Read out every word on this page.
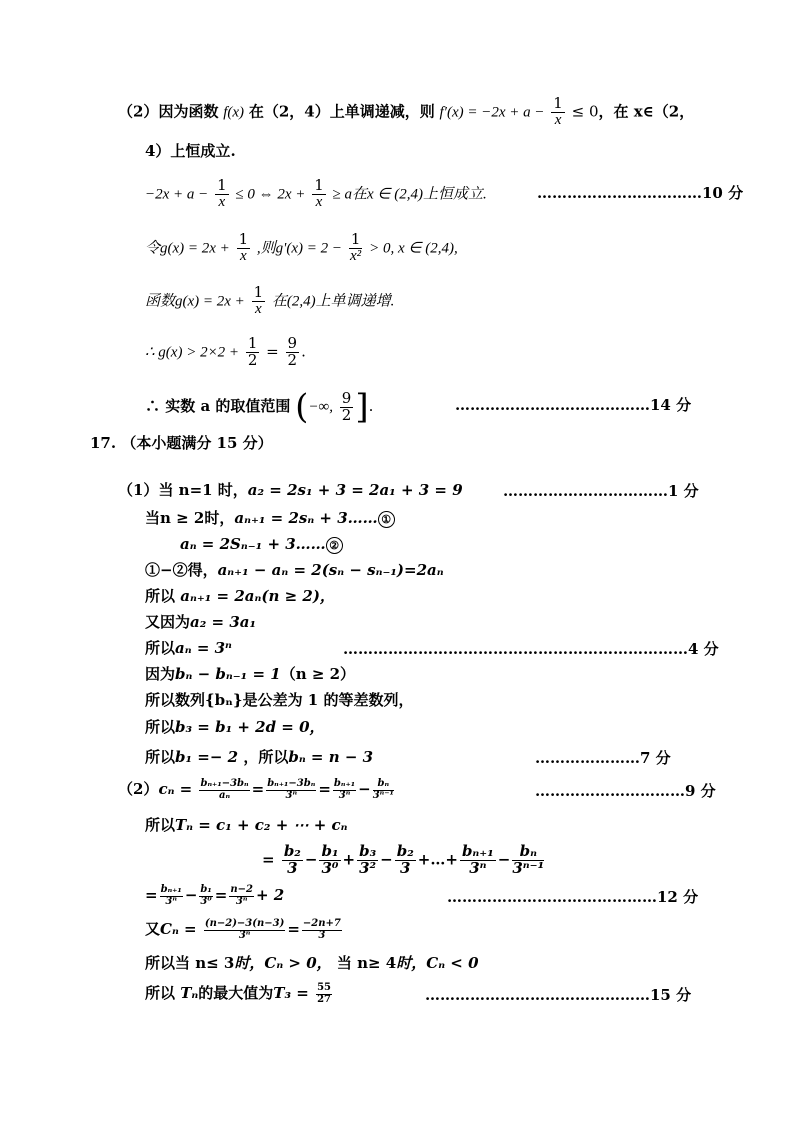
（2）因为函数 f(x) 在（2，4）上单调递减，则 $f'(x) = -2x + a - \frac{1}{x} \le 0$，在 x∈（2，
4）上恒成立.
$-2x + a - \frac{1}{x} \le 0$ ⇔ $2x + \frac{1}{x} \ge a$在x ∈ (2,4)上恒成立.	……………………………10 分
令$g(x) = 2x + \frac{1}{x}$ ,则$g'(x) = 2 - \frac{1}{\text{x²}} > 0$, x ∈ (2,4),
函数$g(x) = 2x + \frac{1}{x}$ 在(2,4)上单调递增.
∴ $g(x) > 2\times 2 + \frac{1}{2} = \frac{9}{2}$ .
∴ 实数 a 的取值范围 (−∞, $\frac{9}{2}$ ].	…………………………………14 分
17. （本小题满分 15 分）
（1）当 n=1 时，a₂ = 2s₁ + 3 = 2a₁ + 3 = 9	……………………………1 分
当n ≥ 2时，aₙ₊₁ = 2sₙ + 3…… ①
aₙ = 2Sₙ₋₁ + 3…… ②
①−②得，aₙ₊₁ − aₙ = 2(sₙ − sₙ₋₁)=2aₙ
所以 aₙ₊₁ = 2aₙ(n ≥ 2)，
又因为a₂ = 3a₁
所以aₙ = 3ⁿ	……………………………………………………………4 分
因为bₙ − bₙ₋₁ = 1（n ≥ 2）
所以数列{bₙ}是公差为 1 的等差数列，
所以b₃ = b₁ + 2d = 0，
所以b₁ =− 2 ，所以bₙ = n − 3	…………………7 分
$(2)c_n = \frac{\text{bₙ₊₁−3bₙ}}{\text{aₙ}} = \frac{\text{bₙ₊₁−3bₙ}}{\text{3ⁿ}} = \frac{\text{bₙ₊₁}}{\text{3ⁿ}} - \frac{\text{bₙ}}{\text{3ⁿ⁻¹}}$	…………………………9 分
所以Tₙ = c₁ + c₂ + ⋯ + cₙ
= $\frac{\text{b₂}}{3} - \frac{\text{b₁}}{\text{3⁰}} + \frac{\text{b₃}}{\text{3²}} - \frac{\text{b₂}}{3}$ +…+ $\frac{\text{bₙ₊₁}}{\text{3ⁿ}} - \frac{\text{bₙ}}{\text{3ⁿ⁻¹}}$
= $\frac{\text{bₙ₊₁}}{\text{3ⁿ}} - \frac{\text{b₁}}{\text{3⁰}} = \frac{n-2}{\text{3ⁿ}} + 2$	……………………………………12 分
又$C_n = \frac{(n-2)-3(n-3)}{\text{3ⁿ}} = \frac{-2n+7}{3}$
所以当 n≤ 3时，Cₙ > 0， 当 n≥ 4时，Cₙ < 0
所以 Tₙ的最大值为$T_3 = \frac{55}{27}$	………………………………………15 分
